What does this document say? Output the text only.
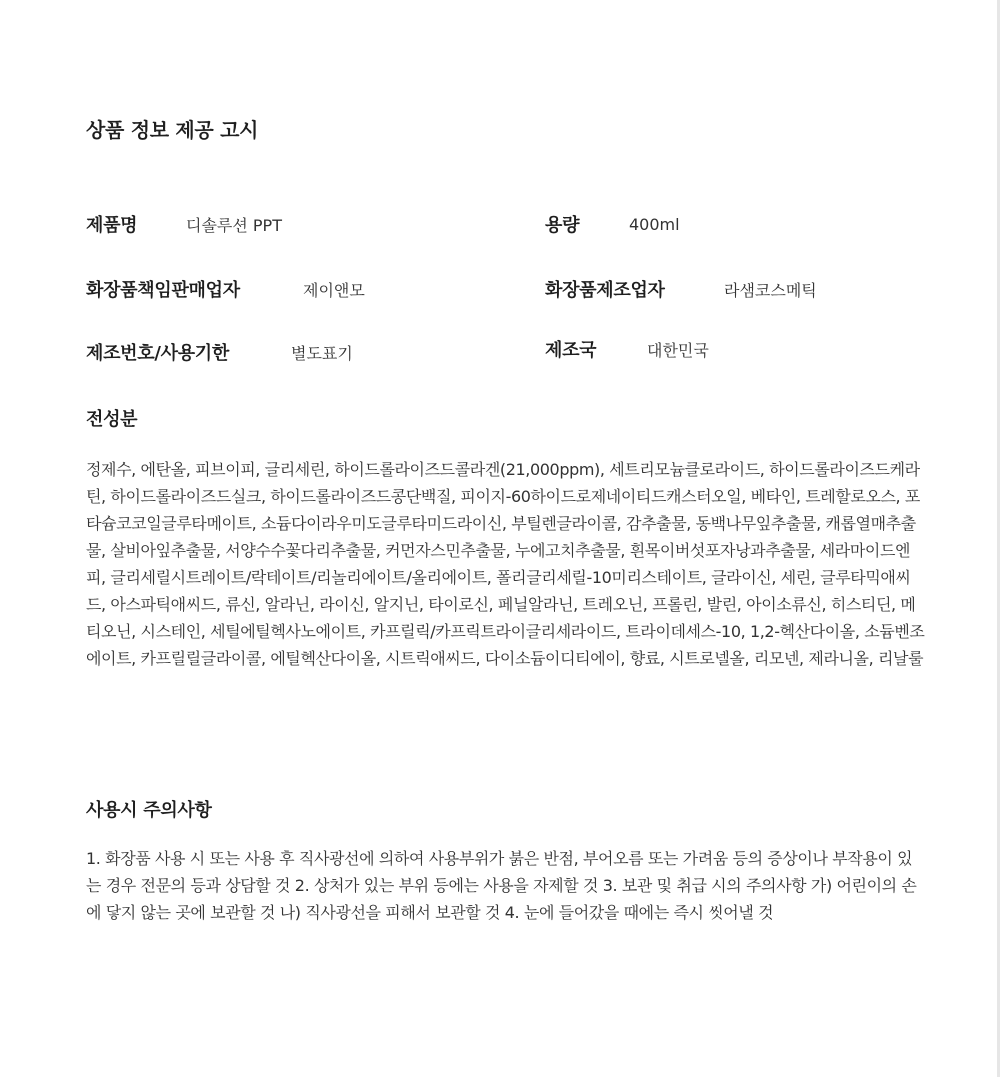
상품 정보 제공 고시
제품명	디솔루션 PPT	용량	400ml
화장품책임판매업자	제이앤모	화장품제조업자	라샘코스메틱
제조번호/사용기한	별도표기	제조국	대한민국
전성분
정제수, 에탄올, 피브이피, 글리세린, 하이드롤라이즈드콜라겐(21,000ppm), 세트리모늄클로라이드, 하이드롤라이즈드케라틴, 하이드롤라이즈드실크, 하이드롤라이즈드콩단백질, 피이지-60하이드로제네이티드캐스터오일, 베타인, 트레할로오스, 포타슘코코일글루타메이트, 소듐다이라우미도글루타미드라이신, 부틸렌글라이콜, 감추출물, 동백나무잎추출물, 캐롭열매추출물, 살비아잎추출물, 서양수수꽃다리추출물, 커먼자스민추출물, 누에고치추출물, 흰목이버섯포자낭과추출물, 세라마이드엔피, 글리세릴시트레이트/락테이트/리놀리에이트/올리에이트, 폴리글리세릴-10미리스테이트, 글라이신, 세린, 글루타믹애씨드, 아스파틱애씨드, 류신, 알라닌, 라이신, 알지닌, 타이로신, 페닐알라닌, 트레오닌, 프롤린, 발린, 아이소류신, 히스티딘, 메티오닌, 시스테인, 세틸에틸헥사노에이트, 카프릴릭/카프릭트라이글리세라이드, 트라이데세스-10, 1,2-헥산다이올, 소듐벤조에이트, 카프릴릴글라이콜, 에틸헥산다이올, 시트릭애씨드, 다이소듐이디티에이, 향료, 시트로넬올, 리모넨, 제라니올, 리날룰
사용시 주의사항
1. 화장품 사용 시 또는 사용 후 직사광선에 의하여 사용부위가 붉은 반점, 부어오름 또는 가려움 등의 증상이나 부작용이 있는 경우 전문의 등과 상담할 것 2. 상처가 있는 부위 등에는 사용을 자제할 것 3. 보관 및 취급 시의 주의사항 가) 어린이의 손에 닿지 않는 곳에 보관할 것 나) 직사광선을 피해서 보관할 것 4. 눈에 들어갔을 때에는 즉시 씻어낼 것
